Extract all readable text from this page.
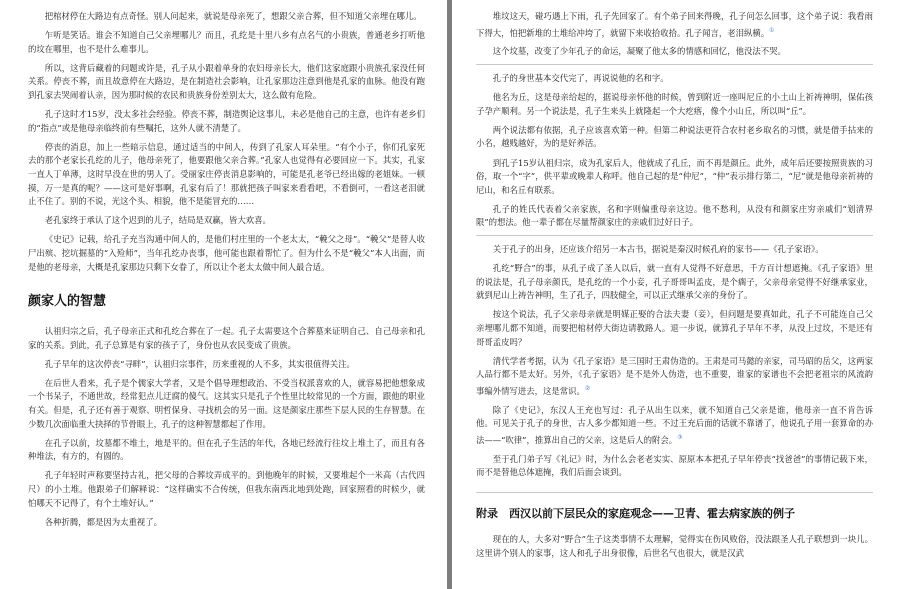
把棺材停在大路边有点奇怪。别人问起来，就说是母亲死了，想跟父亲合葬，但不知道父亲埋在哪儿。

乍听是笑话。谁会不知道自己父亲埋哪儿？而且，孔纥是十里八乡有点名气的小贵族，普通老乡打听他的坟在哪里，也不是什么难事儿。

所以，这背后藏着的问题或许是，孔子从小跟着单身的农妇母亲长大，他们这家庭跟小贵族孔家没任何关系。停丧不葬，而且故意停在大路边，是在制造社会影响，让孔家那边注意到他是孔家的血脉。他没有跑到孔家去哭闹着认亲，因为那时候的农民和贵族身份差别太大，这么做有危险。

孔子这时才15岁，没太多社会经验。停丧不葬，制造舆论这事儿，未必是他自己的主意，也许有老乡们的“指点”或是他母亲临终前有些嘱托，这外人就不清楚了。

停丧的消息，加上一些暗示信息，通过适当的中间人，传到了孔家人耳朵里。“有个小子，你们孔家死去的那个老家长孔纥的儿子，他母亲死了，他要跟他父亲合葬。”孔家人也觉得有必要回应一下。其实，孔家一直人丁单薄，这时早没在世的男人了。受丽家庄停丧消息影响的，可能是孔老爷已经出嫁的老姐妹。一顿摸，万一是真的呢？——这可是好事啊，孔家有后了！那就把孩子叫家来看看吧，不看倒可，一看这老泪就止不住了。别的不说，光这个头、相貌，他不是能冒充的……

老孔家终于承认了这个迟到的儿子，结局是双赢，皆大欢喜。

《史记》记载，给孔子充当沟通中间人的，是他们村庄里的一个老太太，“輓父之母”。“輓父”是替人收尸出殡、挖坑掘墓的“入殓师”，当年孔纥办丧事，他可能也跟着帮忙了。但为什么不是“輓父”本人出面，而是他的老母亲，大概是孔家那边只剩下女眷了，所以让个老太太做中间人最合适。

颜家人的智慧

认祖归宗之后，孔子母亲正式和孔纥合葬在了一起。孔子太需要这个合葬墓来证明自己、自己母亲和孔家的关系。到此，孔子总算是有家的孩子了，身份也从农民变成了贵族。

孔子早年的这次停丧“寻畔”，认祖归宗事件，历来重视的人不多，其实很值得关注。

在后世人看来，孔子是个儒家大学者，又是个倡导理想政治、不受当权派喜欢的人，就容易把他想象成一个书呆子，不通世故，经常犯点儿迂腐的傻气。这其实只是孔子个性里比较常见的一个方面，跟他的职业有关。但是，孔子还有善于观察、明哲保身、寻找机会的另一面。这是颜家庄那些下层人民的生存智慧。在少数几次面临重大抉择的节骨眼上，孔子的这种智慧都起了作用。

在孔子以前，坟墓都不堆土，地是平的。但在孔子生活的年代，各地已经流行往坟上堆土了，而且有各种堆法，有方的，有圆的。

孔子年轻时声称要坚持古礼，把父母的合葬坟弄成平的。到他晚年的时候，又要堆起个一米高（古代四尺）的小土堆。他跟弟子们解释说：“这样确实不合传统，但我东南西北地到处跑，回家照看的时候少，就怕哪天不记得了，有个土堆好认。”

各种折腾，都是因为太重视了。

堆坟这天，碰巧遇上下雨，孔子先回家了。有个弟子回来得晚，孔子问怎么回事，这个弟子说：我看雨下得大，怕把新堆的土堆给冲垮了，就留下来收拾收拾。孔子闻言，老泪纵横。①

这个坟墓，改变了少年孔子的命运，凝聚了他太多的情感和回忆，他没法不哭。

孔子的身世基本交代完了，再说说他的名和字。

他名为丘，这是母亲给起的，据说母亲怀他的时候，曾到附近一座叫尼丘的小土山上祈祷神明，保佑孩子孕产顺利。另一个说法是，孔子生来头上就隆起一个大疙瘩，像个小山丘，所以叫“丘”。

两个说法都有依据，孔子应该喜欢第一种。但第二种说法更符合农村老乡取名的习惯，就是借手拈来的小名，越贱越好，为的是好养活。

到孔子15岁认祖归宗，成为孔家后人，他就成了孔丘，而不再是颜丘。此外，成年后还要按照贵族的习俗，取一个“字”，供平辈或晚辈人称呼。他自己起的是“仲尼”，“仲”表示排行第二，“尼”就是他母亲祈祷的尼山，和名丘有联系。

孔子的姓氏代表着父亲家族，名和字则偏重母亲这边。他不愁利，从没有和颜家庄穷亲戚们“划清界限”的想法。他一辈子都在尽量帮颜家庄的亲戚们过好日子。

关于孔子的出身，还应该介绍另一本古书，据说是秦汉时候孔府的家书——《孔子家语》。

孔纥“野合”的事，从孔子成了圣人以后，就一直有人觉得不好意思，千方百计想遮掩。《孔子家语》里的说法是，孔子母亲颜氏，是孔纥的一个小妾，孔子哥哥叫孟皮，是个瘸子，父亲母亲觉得不好继承家业，就到尼山上祷告神明，生了孔子，四肢健全，可以正式继承父亲的身份了。

按这个说法，孔子父亲母亲就是明媒正娶的合法夫妻（妾），但问题是要真如此，孔子不可能连自己父亲埋哪儿都不知道，而要把棺材停大街边请教路人。退一步说，就算孔子早年不孝，从没上过坟，不是还有哥哥孟皮吗？

清代学者考据，认为《孔子家语》是三国时王肃伪造的。王肃是司马懿的亲家，司马昭的岳父，这两家人品行都不是太好。另外，《孔子家语》是不是外人伪造，也不重要，谁家的家谱也不会把老祖宗的风流韵事编外情写进去，这是常识。②

除了《史记》，东汉人王充也写过：孔子从出生以来，就不知道自己父亲是谁，他母亲一直不肯告诉他。可见关于孔子的身世，古人多少都知道一些。不过王充后面的话就不靠谱了，他说孔子用一套算命的办法——“吹律”，推算出自己的父亲，这是后人的附会。③

至于孔门弟子写《礼记》时，为什么会老老实实、原原本本把孔子早年停丧“找爸爸”的事情记载下来，而不是替他总体遮掩，我们后面会谈到。

附录　西汉以前下层民众的家庭观念——卫青、霍去病家族的例子

现在的人，大多对“野合”生子这类事情不太理解，觉得实在伤风败俗，没法跟圣人孔子联想到一块儿。这里讲个别人的家事，这人和孔子出身很像，后世名气也很大，就是汉武
